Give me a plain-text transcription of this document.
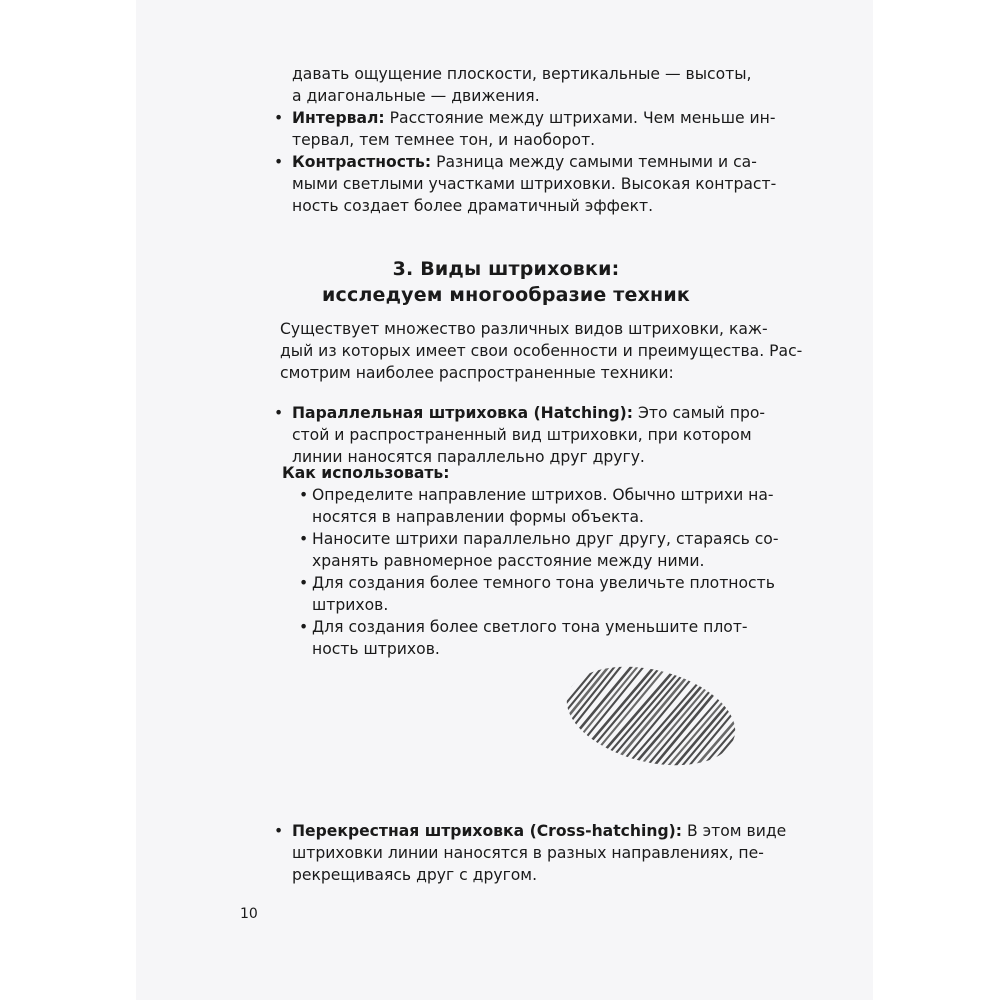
давать ощущение плоскости, вертикальные — высоты,
а диагональные — движения.
• Интервал: Расстояние между штрихами. Чем меньше ин-
тервал, тем темнее тон, и наоборот.
• Контрастность: Разница между самыми темными и са-
мыми светлыми участками штриховки. Высокая контраст-
ность создает более драматичный эффект.
3. Виды штриховки:
исследуем многообразие техник
Существует множество различных видов штриховки, каж-
дый из которых имеет свои особенности и преимущества. Рас-
смотрим наиболее распространенные техники:
• Параллельная штриховка (Hatching): Это самый про-
стой и распространенный вид штриховки, при котором
линии наносятся параллельно друг другу.
Как использовать:
• Определите направление штрихов. Обычно штрихи на-
носятся в направлении формы объекта.
• Наносите штрихи параллельно друг другу, стараясь со-
хранять равномерное расстояние между ними.
• Для создания более темного тона увеличьте плотность
штрихов.
• Для создания более светлого тона уменьшите плот-
ность штрихов.
• Перекрестная штриховка (Cross-hatching): В этом виде
штриховки линии наносятся в разных направлениях, пе-
рекрещиваясь друг с другом.
10
